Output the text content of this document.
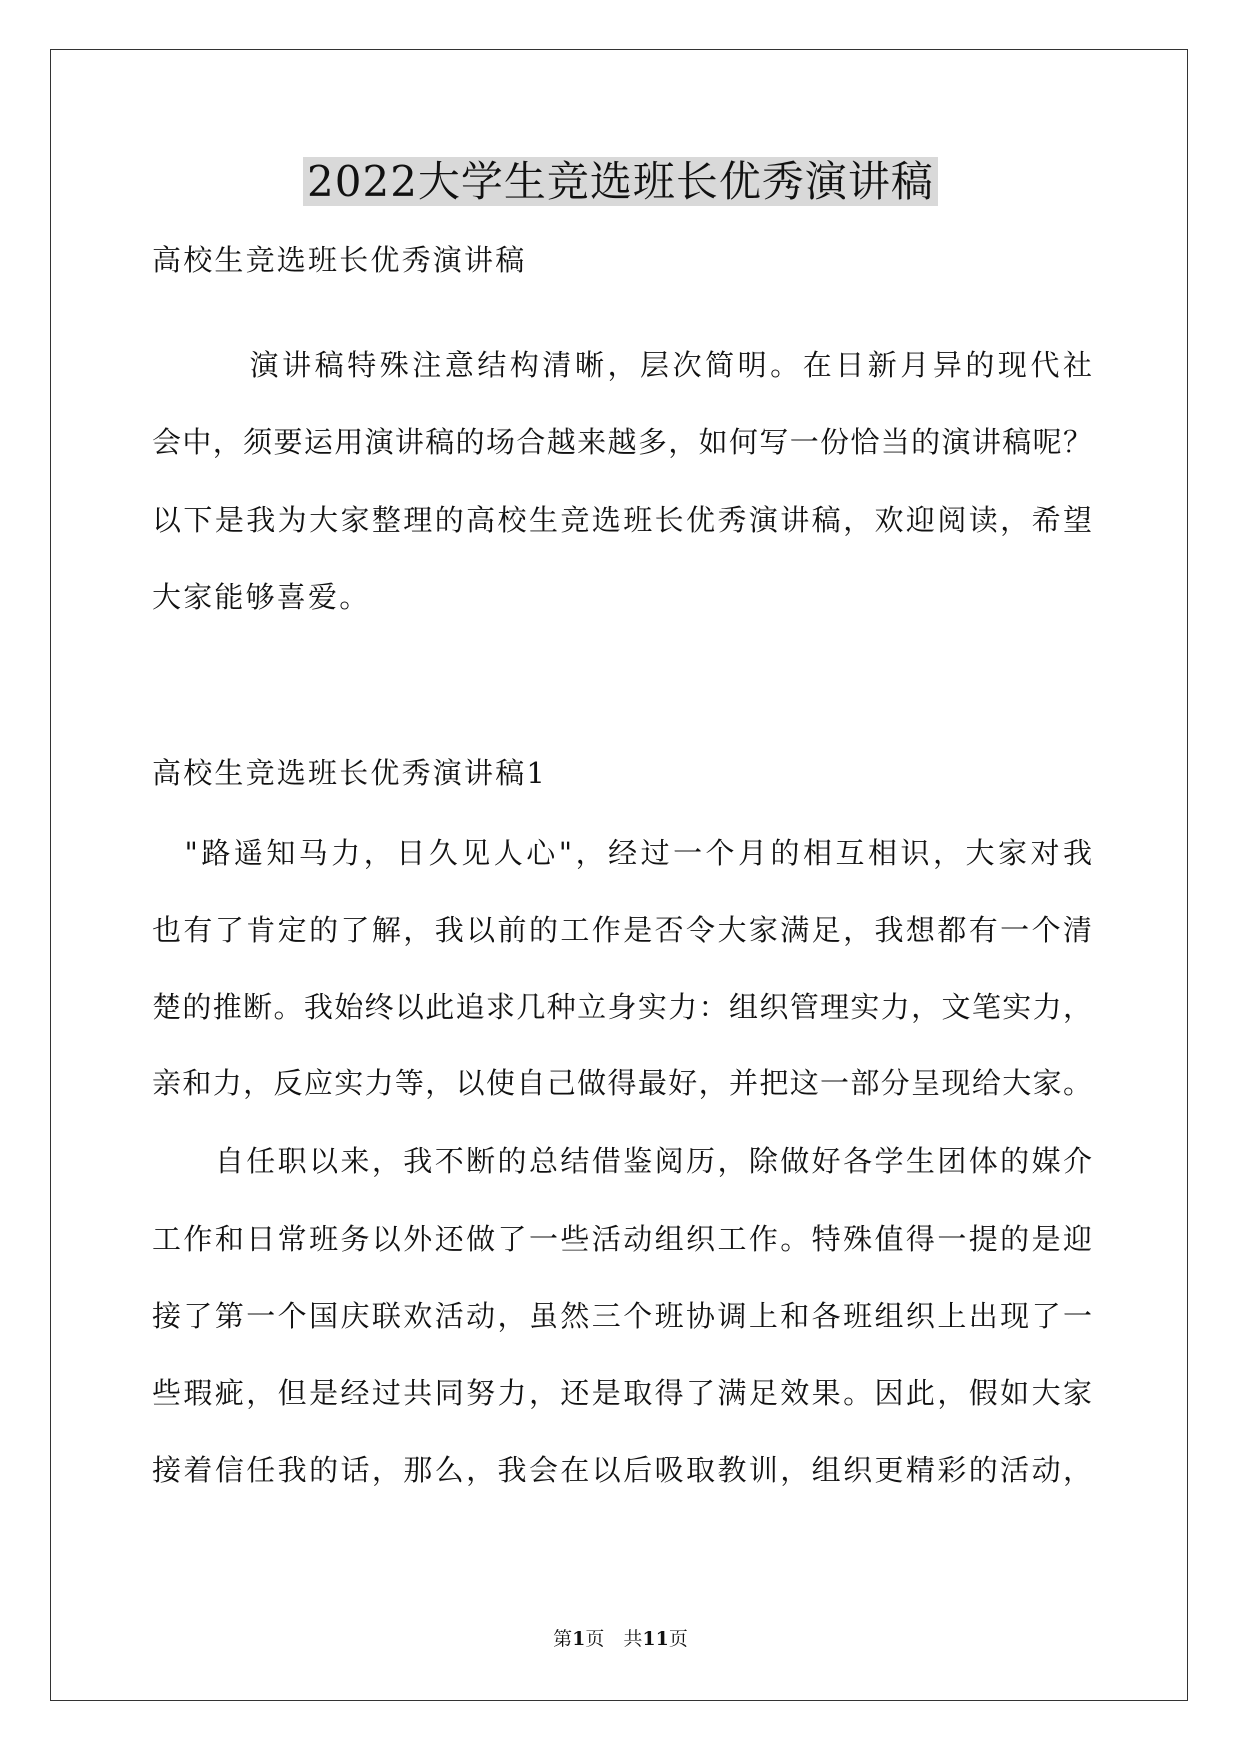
2022大学生竞选班长优秀演讲稿

高校生竞选班长优秀演讲稿

　　　演讲稿特殊注意结构清晰，层次简明。在日新月异的现代社

会中，须要运用演讲稿的场合越来越多，如何写一份恰当的演讲稿呢？

以下是我为大家整理的高校生竞选班长优秀演讲稿，欢迎阅读，希望

大家能够喜爱。

高校生竞选班长优秀演讲稿1

　"路遥知马力，日久见人心"，经过一个月的相互相识，大家对我

也有了肯定的了解，我以前的工作是否令大家满足，我想都有一个清

楚的推断。我始终以此追求几种立身实力：组织管理实力，文笔实力，

亲和力，反应实力等，以使自己做得最好，并把这一部分呈现给大家。

　　自任职以来，我不断的总结借鉴阅历，除做好各学生团体的媒介

工作和日常班务以外还做了一些活动组织工作。特殊值得一提的是迎

接了第一个国庆联欢活动，虽然三个班协调上和各班组织上出现了一

些瑕疵，但是经过共同努力，还是取得了满足效果。因此，假如大家

接着信任我的话，那么，我会在以后吸取教训，组织更精彩的活动，

第1页　共11页
